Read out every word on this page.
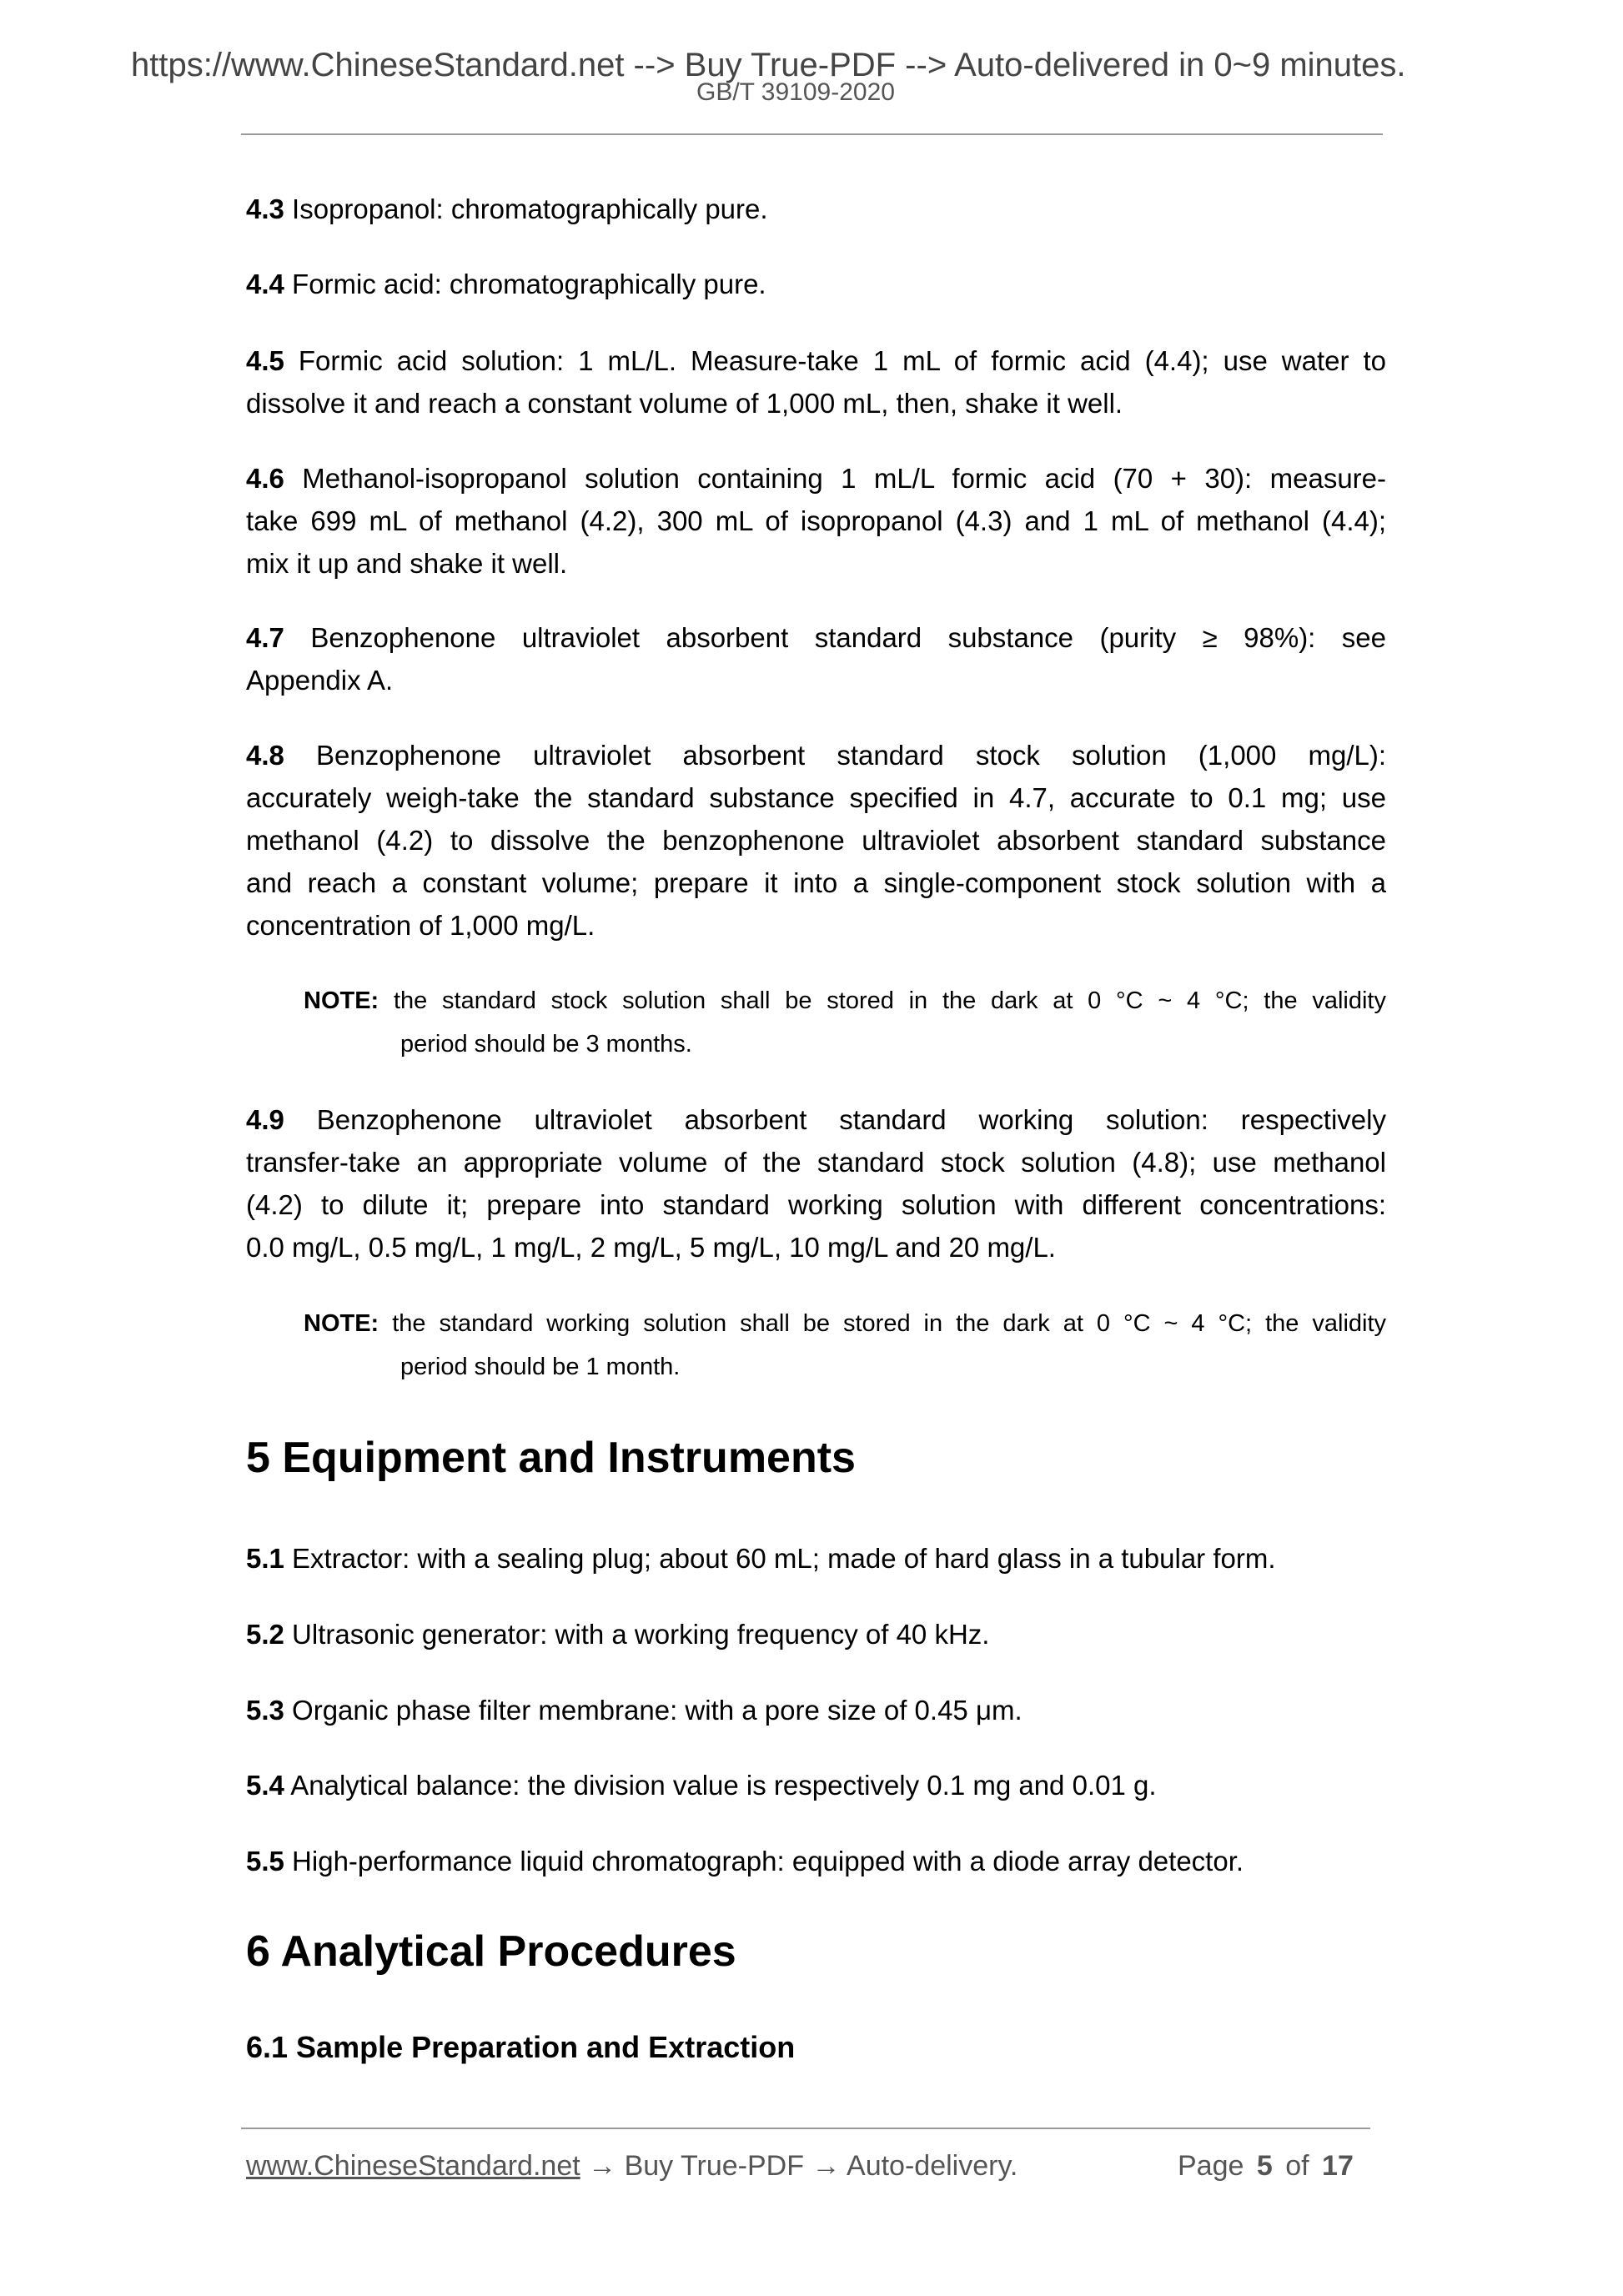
https://www.ChineseStandard.net --> Buy True-PDF --> Auto-delivered in 0~9 minutes.
GB/T 39109-2020
4.3 Isopropanol: chromatographically pure.
4.4 Formic acid: chromatographically pure.
4.5 Formic acid solution: 1 mL/L. Measure-take 1 mL of formic acid (4.4); use water to
dissolve it and reach a constant volume of 1,000 mL, then, shake it well.
4.6 Methanol-isopropanol solution containing 1 mL/L formic acid (70 + 30): measure-
take 699 mL of methanol (4.2), 300 mL of isopropanol (4.3) and 1 mL of methanol (4.4);
mix it up and shake it well.
4.7 Benzophenone ultraviolet absorbent standard substance (purity ≥ 98%): see
Appendix A.
4.8 Benzophenone ultraviolet absorbent standard stock solution (1,000 mg/L):
accurately weigh-take the standard substance specified in 4.7, accurate to 0.1 mg; use
methanol (4.2) to dissolve the benzophenone ultraviolet absorbent standard substance
and reach a constant volume; prepare it into a single-component stock solution with a
concentration of 1,000 mg/L.
NOTE: the standard stock solution shall be stored in the dark at 0 °C ~ 4 °C; the validity
period should be 3 months.
4.9 Benzophenone ultraviolet absorbent standard working solution: respectively
transfer-take an appropriate volume of the standard stock solution (4.8); use methanol
(4.2) to dilute it; prepare into standard working solution with different concentrations:
0.0 mg/L, 0.5 mg/L, 1 mg/L, 2 mg/L, 5 mg/L, 10 mg/L and 20 mg/L.
NOTE: the standard working solution shall be stored in the dark at 0 °C ~ 4 °C; the validity
period should be 1 month.
5 Equipment and Instruments
5.1 Extractor: with a sealing plug; about 60 mL; made of hard glass in a tubular form.
5.2 Ultrasonic generator: with a working frequency of 40 kHz.
5.3 Organic phase filter membrane: with a pore size of 0.45 μm.
5.4 Analytical balance: the division value is respectively 0.1 mg and 0.01 g.
5.5 High-performance liquid chromatograph: equipped with a diode array detector.
6 Analytical Procedures
6.1 Sample Preparation and Extraction
www.ChineseStandard.net → Buy True-PDF → Auto-delivery.	Page 5 of 17
